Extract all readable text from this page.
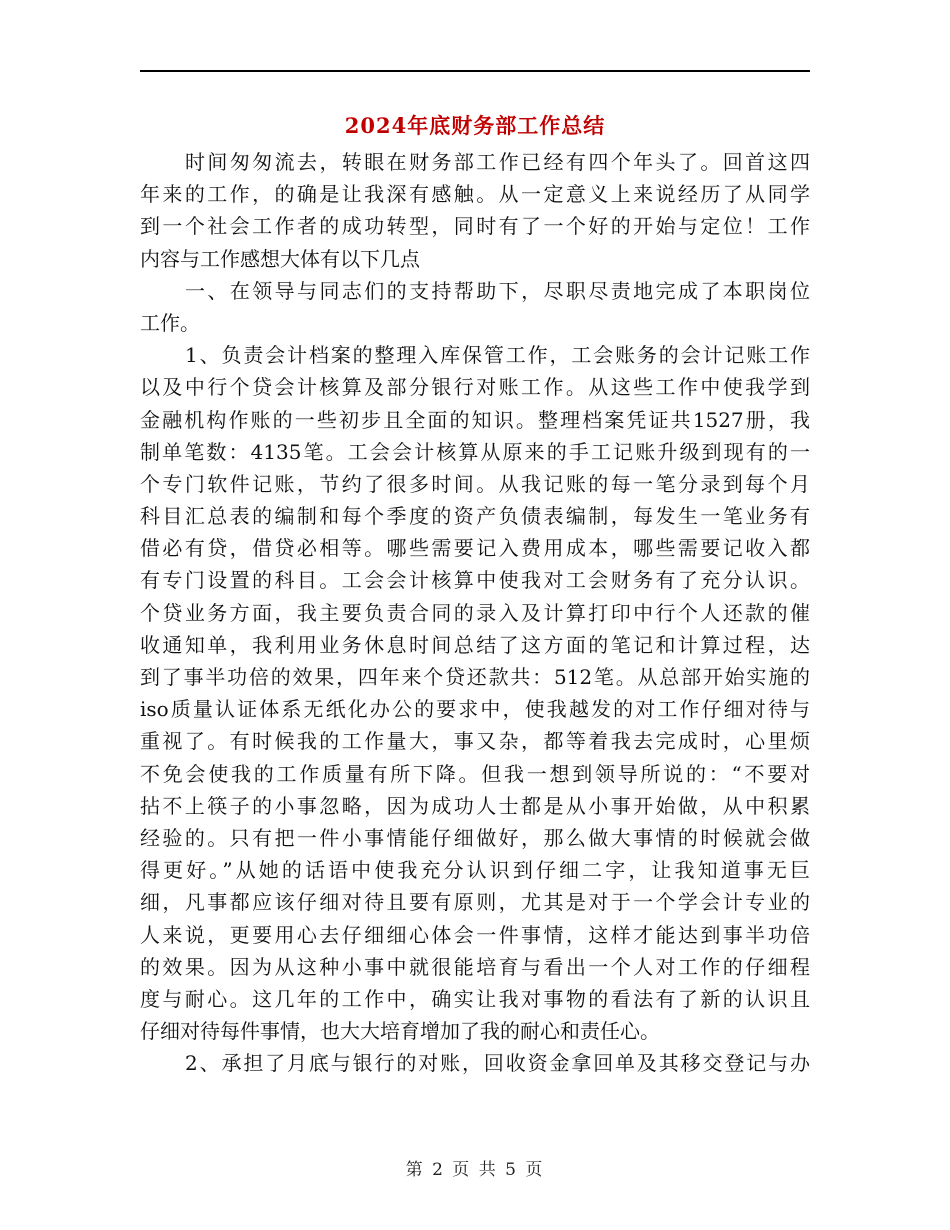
2024年底财务部工作总结
时间匆匆流去，转眼在财务部工作已经有四个年头了。回首这四
年来的工作，的确是让我深有感触。从一定意义上来说经历了从同学
到一个社会工作者的成功转型，同时有了一个好的开始与定位！工作
内容与工作感想大体有以下几点
一、在领导与同志们的支持帮助下，尽职尽责地完成了本职岗位
工作。
1、负责会计档案的整理入库保管工作，工会账务的会计记账工作
以及中行个贷会计核算及部分银行对账工作。从这些工作中使我学到
金融机构作账的一些初步且全面的知识。整理档案凭证共1527册，我
制单笔数：4135笔。工会会计核算从原来的手工记账升级到现有的一
个专门软件记账，节约了很多时间。从我记账的每一笔分录到每个月
科目汇总表的编制和每个季度的资产负债表编制，每发生一笔业务有
借必有贷，借贷必相等。哪些需要记入费用成本，哪些需要记收入都
有专门设置的科目。工会会计核算中使我对工会财务有了充分认识。
个贷业务方面，我主要负责合同的录入及计算打印中行个人还款的催
收通知单，我利用业务休息时间总结了这方面的笔记和计算过程，达
到了事半功倍的效果，四年来个贷还款共：512笔。从总部开始实施的
iso质量认证体系无纸化办公的要求中，使我越发的对工作仔细对待与
重视了。有时候我的工作量大，事又杂，都等着我去完成时，心里烦
不免会使我的工作质量有所下降。但我一想到领导所说的：“不要对
拈不上筷子的小事忽略，因为成功人士都是从小事开始做，从中积累
经验的。只有把一件小事情能仔细做好，那么做大事情的时候就会做
得更好。”从她的话语中使我充分认识到仔细二字，让我知道事无巨
细，凡事都应该仔细对待且要有原则，尤其是对于一个学会计专业的
人来说，更要用心去仔细细心体会一件事情，这样才能达到事半功倍
的效果。因为从这种小事中就很能培育与看出一个人对工作的仔细程
度与耐心。这几年的工作中，确实让我对事物的看法有了新的认识且
仔细对待每件事情，也大大培育增加了我的耐心和责任心。
2、承担了月底与银行的对账，回收资金拿回单及其移交登记与办
第 2 页 共 5 页
